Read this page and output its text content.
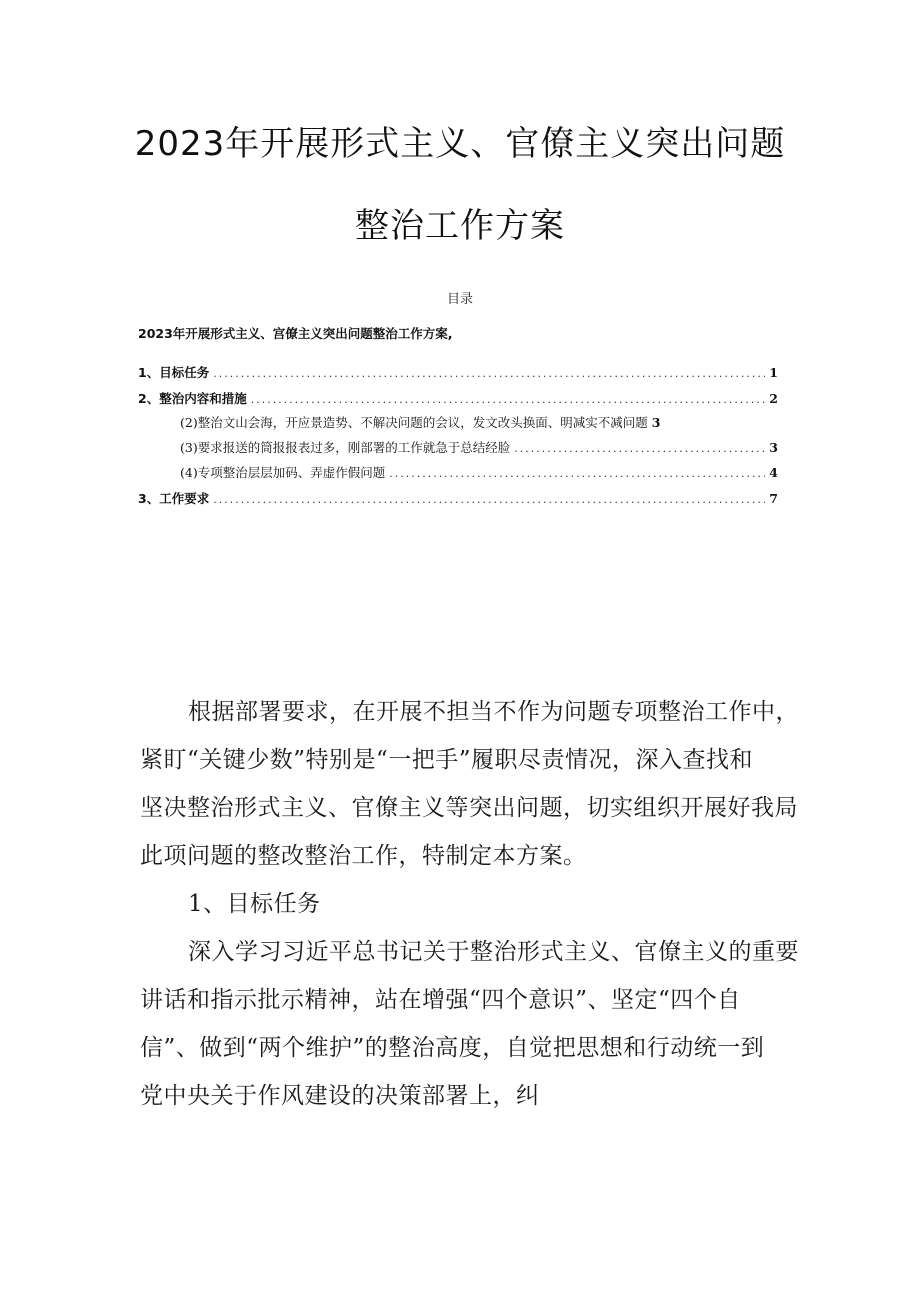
2023年开展形式主义、官僚主义突出问题
整治工作方案
目录
2023年开展形式主义、宫僚主义突出问题整治工作方案,
1、目标任务 .....	1
2、整治内容和措施 .....	2
(2)整治文山会海，开应景造势、不解决问题的会议，发文改头换面、明减实不减问题 3
(3)要求报送的筒报报表过多，刚部署的工作就急于总结经脸 .....	3
(4)专项整治层层加码、弄虚作假问题 .....	4
3、工作要求 .....	7
根据部署要求，在开展不担当不作为问题专项整治工作中，
紧盯“关键少数”特别是“一把手”履职尽责情况，深入查找和
坚决整治形式主义、官僚主义等突出问题，切实组织开展好我局
此项问题的整改整治工作，特制定本方案。
1、目标任务
深入学习习近平总书记关于整治形式主义、官僚主义的重要
讲话和指示批示精神，站在增强“四个意识”、坚定“四个自
信”、做到“两个维护”的整治高度，自觉把思想和行动统一到
党中央关于作风建设的决策部署上，纠
